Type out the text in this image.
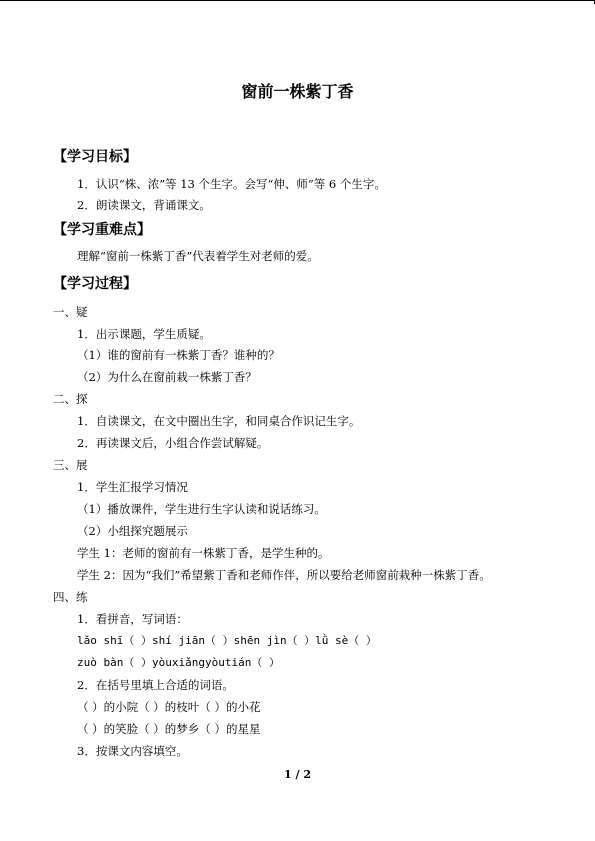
窗前一株紫丁香
【学习目标】
1．认识“株、浓”等 13 个生字。会写“伸、师”等 6 个生字。
2．朗读课文，背诵课文。
【学习重难点】
理解“窗前一株紫丁香”代表着学生对老师的爱。
【学习过程】
一、疑
1．出示课题，学生质疑。
（1）谁的窗前有一株紫丁香？谁种的？
（2）为什么在窗前栽一株紫丁香？
二、探
1．自读课文，在文中圈出生字，和同桌合作识记生字。
2．再读课文后，小组合作尝试解疑。
三、展
1．学生汇报学习情况
（1）播放课件，学生进行生字认读和说话练习。
（2）小组探究题展示
学生 1：老师的窗前有一株紫丁香，是学生种的。
学生 2：因为“我们”希望紫丁香和老师作伴，所以要给老师窗前栽种一株紫丁香。
四、练
1．看拼音，写词语：
lǎo shī（ ）shí jiān（ ）shēn jìn（ ）lǜ sè（ ）
zuò bàn（ ）yòuxiǎngyòutián（ ）
2．在括号里填上合适的词语。
（ ）的小院（ ）的枝叶（ ）的小花
（ ）的笑脸（ ）的梦乡（ ）的星星
3．按课文内容填空。
1 / 2
